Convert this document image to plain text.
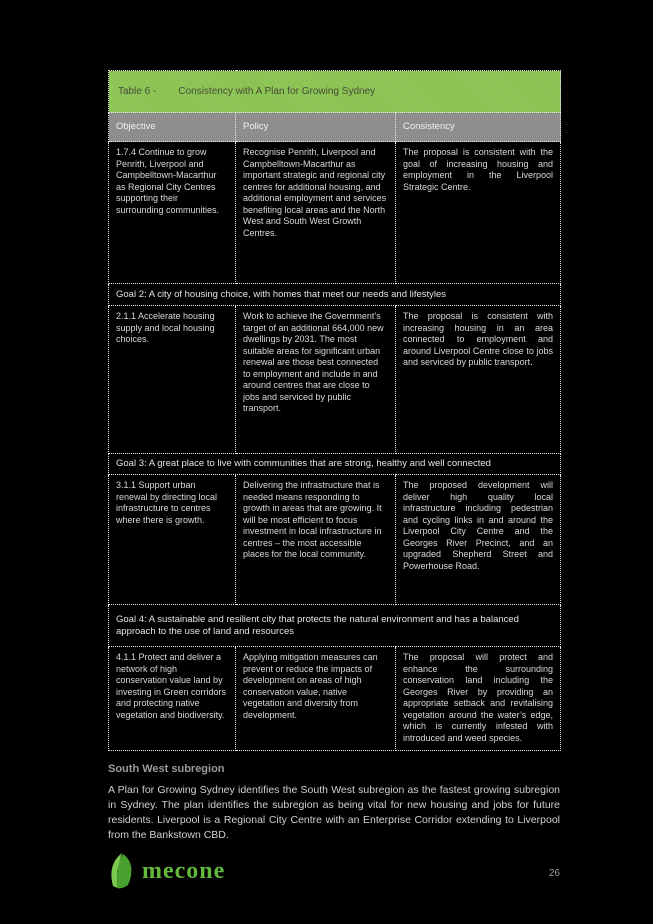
Table 6 - Consistency with A Plan for Growing Sydney		
Objective	Policy	Consistency
1.7.4 Continue to grow Penrith, Liverpool and Campbelltown-Macarthur as Regional City Centres supporting their surrounding communities.	Recognise Penrith, Liverpool and Campbelltown-Macarthur as important strategic and regional city centres for additional housing, and additional employment and services benefiting local areas and the North West and South West Growth Centres.	The proposal is consistent with the goal of increasing housing and employment in the Liverpool Strategic Centre.
Goal 2: A city of housing choice, with homes that meet our needs and lifestyles		
2.1.1 Accelerate housing supply and local housing choices.	Work to achieve the Government’s target of an additional 664,000 new dwellings by 2031. The most suitable areas for significant urban renewal are those best connected to employment and include in and around centres that are close to jobs and serviced by public transport.	The proposal is consistent with increasing housing in an area connected to employment and around Liverpool Centre close to jobs and serviced by public transport.
Goal 3: A great place to live with communities that are strong, healthy and well connected		
3.1.1 Support urban renewal by directing local infrastructure to centres where there is growth.	Delivering the infrastructure that is needed means responding to growth in areas that are growing. It will be most efficient to focus investment in local infrastructure in centres – the most accessible places for the local community.	The proposed development will deliver high quality local infrastructure including pedestrian and cycling links in and around the Liverpool City Centre and the Georges River Precinct, and an upgraded Shepherd Street and Powerhouse Road.
Goal 4: A sustainable and resilient city that protects the natural environment and has a balanced approach to the use of land and resources		
4.1.1 Protect and deliver a network of high conservation value land by investing in Green corridors and protecting native vegetation and biodiversity.	Applying mitigation measures can prevent or reduce the impacts of development on areas of high conservation value, native vegetation and diversity from development.	The proposal will protect and enhance the surrounding conservation land including the Georges River by providing an appropriate setback and revitalising vegetation around the water’s edge, which is currently infested with introduced and weed species.
South West subregion
A Plan for Growing Sydney identifies the South West subregion as the fastest growing subregion in Sydney. The plan identifies the subregion as being vital for new housing and jobs for future residents. Liverpool is a Regional City Centre with an Enterprise Corridor extending to Liverpool from the Bankstown CBD.
mecone	26
